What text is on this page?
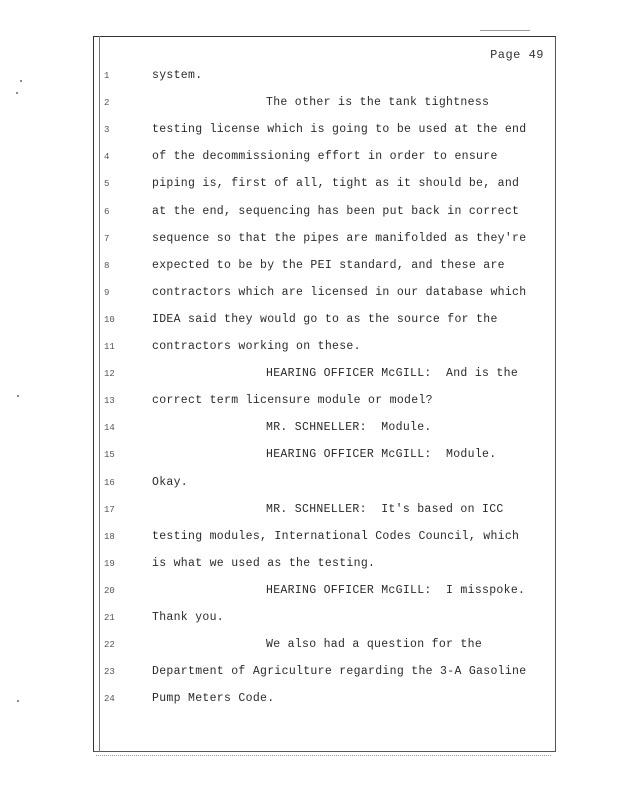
Page 49
1	system.
2	The other is the tank tightness
3	testing license which is going to be used at the end
4	of the decommissioning effort in order to ensure
5	piping is, first of all, tight as it should be, and
6	at the end, sequencing has been put back in correct
7	sequence so that the pipes are manifolded as they're
8	expected to be by the PEI standard, and these are
9	contractors which are licensed in our database which
10	IDEA said they would go to as the source for the
11	contractors working on these.
12	HEARING OFFICER McGILL:  And is the
13	correct term licensure module or model?
14	MR. SCHNELLER:  Module.
15	HEARING OFFICER McGILL:  Module.
16	Okay.
17	MR. SCHNELLER:  It's based on ICC
18	testing modules, International Codes Council, which
19	is what we used as the testing.
20	HEARING OFFICER McGILL:  I misspoke.
21	Thank you.
22	We also had a question for the
23	Department of Agriculture regarding the 3-A Gasoline
24	Pump Meters Code.
